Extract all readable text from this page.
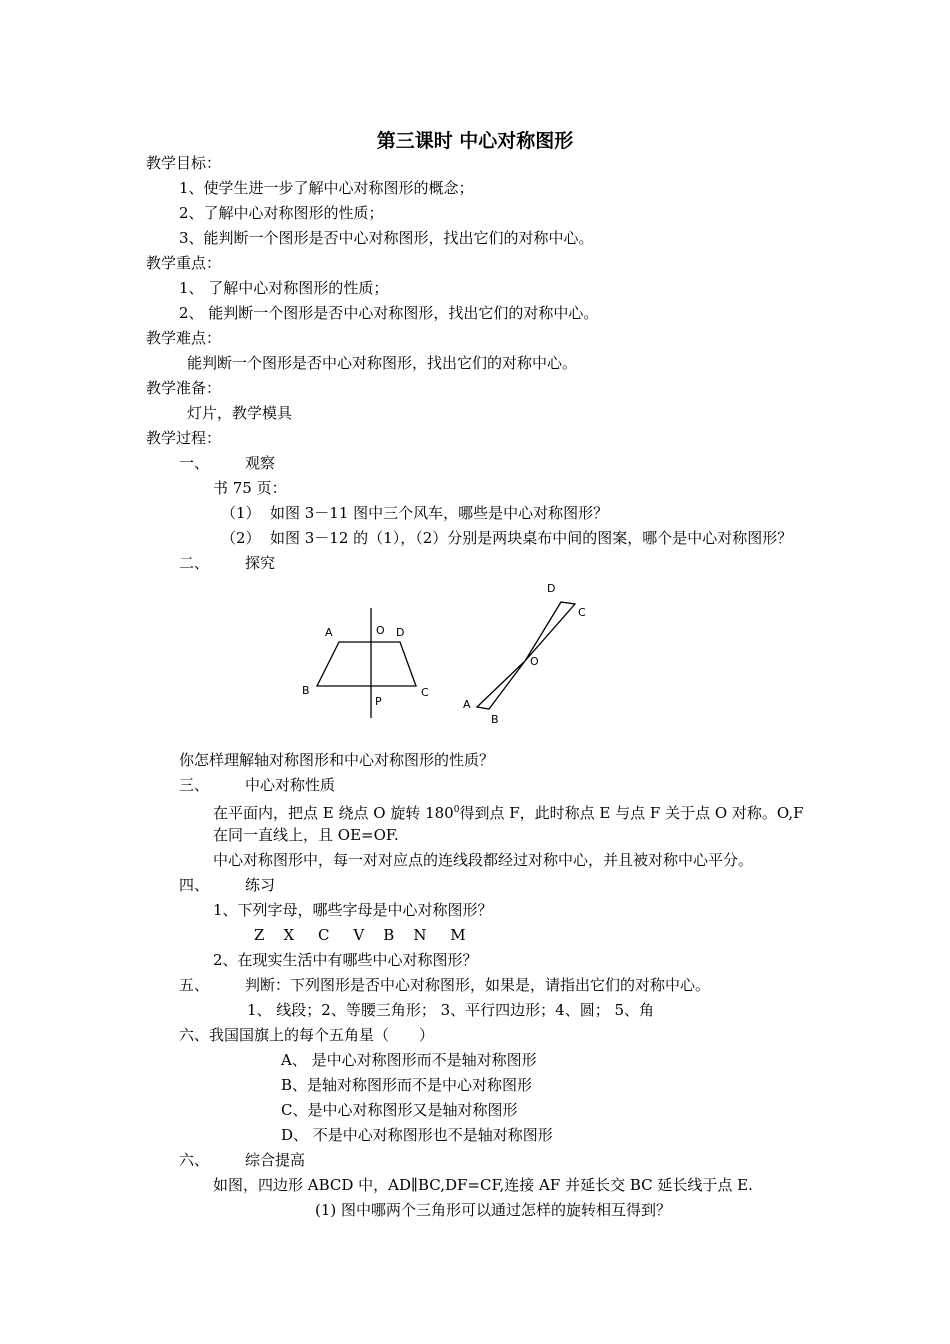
第三课时 中心对称图形
教学目标：
1、使学生进一步了解中心对称图形的概念；
2、了解中心对称图形的性质；
3、能判断一个图形是否中心对称图形，找出它们的对称中心。
教学重点：
1、 了解中心对称图形的性质；
2、 能判断一个图形是否中心对称图形，找出它们的对称中心。
教学难点：
能判断一个图形是否中心对称图形，找出它们的对称中心。
教学准备：
灯片，教学模具
教学过程：
一、 观察
书 75 页：
（1） 如图 3－11 图中三个风车，哪些是中心对称图形？
（2） 如图 3－12 的（1），（2）分别是两块桌布中间的图案，哪个是中心对称图形？
二、 探究
A	O D
B
P
C
D
C
O
A
B
你怎样理解轴对称图形和中心对称图形的性质？
三、 中心对称性质
在平面内，把点 E 绕点 O 旋转 $180^0$得到点 F，此时称点 E 与点 F 关于点 O 对称。O,F
在同一直线上，且 OE=OF.
中心对称图形中，每一对对应点的连线段都经过对称中心，并且被对称中心平分。
四、 练习
1、下列字母，哪些字母是中心对称图形？
Z    X     C     V    B    N     M
2、在现实生活中有哪些中心对称图形？
五、 判断：下列图形是否中心对称图形，如果是，请指出它们的对称中心。
1、 线段；2、等腰三角形； 3、平行四边形；4、圆； 5、角
六、我国国旗上的每个五角星（　　）
A、 是中心对称图形而不是轴对称图形
B、是轴对称图形而不是中心对称图形
C、是中心对称图形又是轴对称图形
D、 不是中心对称图形也不是轴对称图形
六、 综合提高
如图，四边形 ABCD 中，AD∥BC,DF=CF,连接 AF 并延长交 BC 延长线于点 E.
(1) 图中哪两个三角形可以通过怎样的旋转相互得到？
